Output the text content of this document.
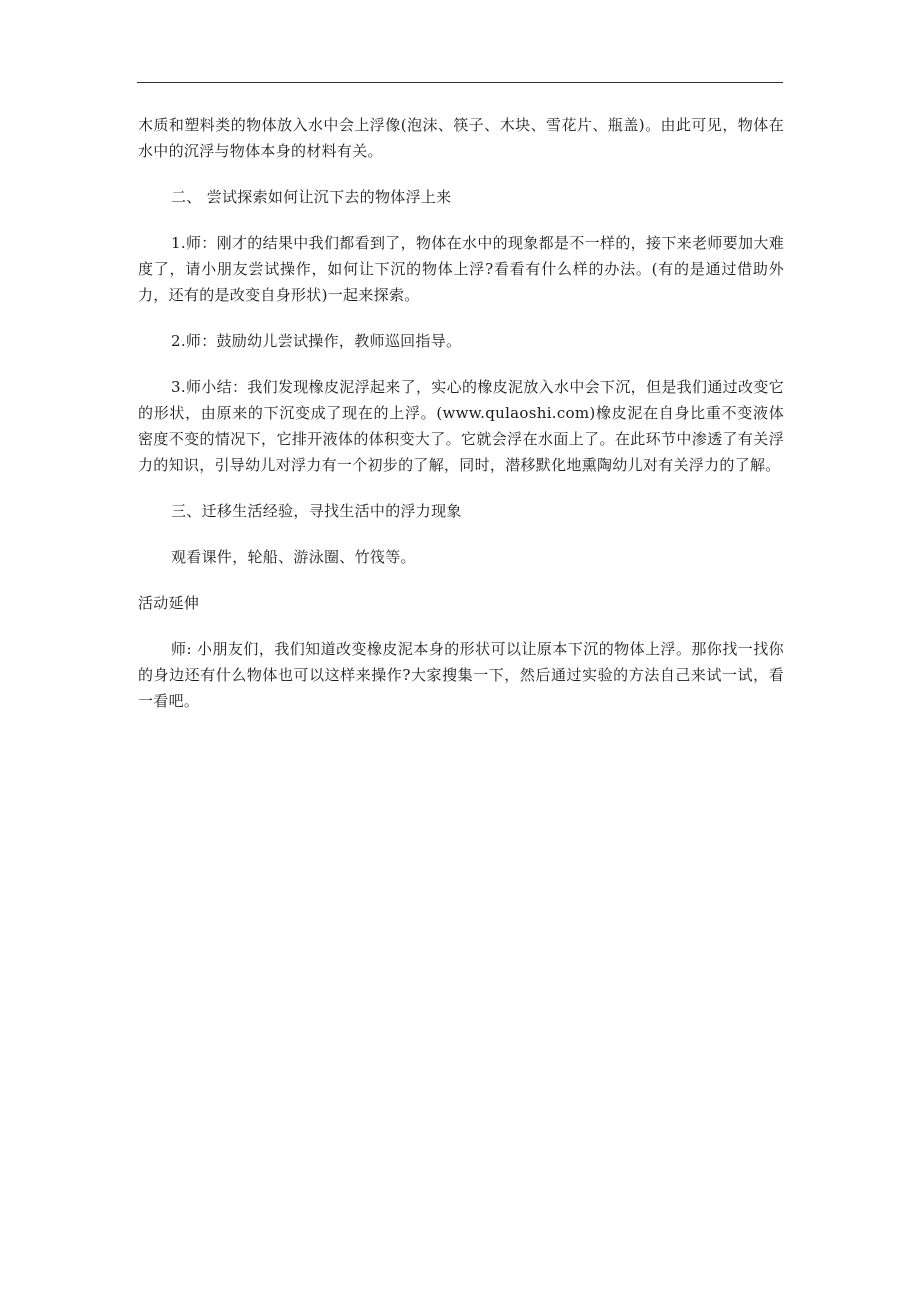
木质和塑料类的物体放入水中会上浮像(泡沫、筷子、木块、雪花片、瓶盖)。由此可见，物体在水中的沉浮与物体本身的材料有关。

二、 尝试探索如何让沉下去的物体浮上来

1.师：刚才的结果中我们都看到了，物体在水中的现象都是不一样的，接下来老师要加大难度了，请小朋友尝试操作，如何让下沉的物体上浮?看看有什么样的办法。(有的是通过借助外力，还有的是改变自身形状)一起来探索。

2.师：鼓励幼儿尝试操作，教师巡回指导。

3.师小结：我们发现橡皮泥浮起来了，实心的橡皮泥放入水中会下沉，但是我们通过改变它的形状，由原来的下沉变成了现在的上浮。(www.qulaoshi.com)橡皮泥在自身比重不变液体密度不变的情况下，它排开液体的体积变大了。它就会浮在水面上了。在此环节中渗透了有关浮力的知识，引导幼儿对浮力有一个初步的了解，同时，潜移默化地熏陶幼儿对有关浮力的了解。

三、迁移生活经验，寻找生活中的浮力现象

观看课件，轮船、游泳圈、竹筏等。

活动延伸

师: 小朋友们，我们知道改变橡皮泥本身的形状可以让原本下沉的物体上浮。那你找一找你的身边还有什么物体也可以这样来操作?大家搜集一下，然后通过实验的方法自己来试一试，看一看吧。
